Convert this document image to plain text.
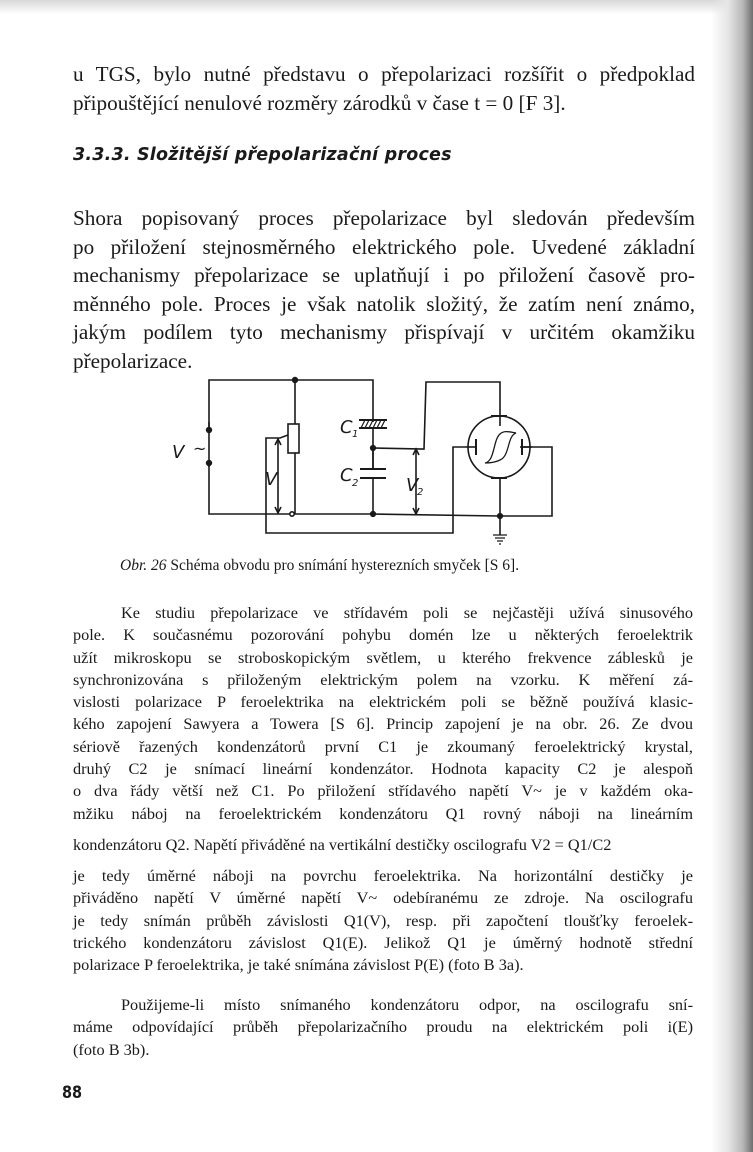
u TGS, bylo nutné představu o přepolarizaci rozšířit o předpoklad
připouštějící nenulové rozměry zárodků v čase t = 0 [F 3].
3.3.3. Složitější přepolarizační proces
Shora popisovaný proces přepolarizace byl sledován především
po přiložení stejnosměrného elektrického pole. Uvedené základní
mechanismy přepolarizace se uplatňují i po přiložení časově pro-
měnného pole. Proces je však natolik složitý, že zatím není známo,
jakým podílem tyto mechanismy přispívají v určitém okamžiku
přepolarizace.
V ~
V
C 1
C 2	V
2
Obr. 26 Schéma obvodu pro snímání hysterezních smyček [S 6].
Ke studiu přepolarizace ve střídavém poli se nejčastěji užívá sinusového
pole. K současnému pozorování pohybu domén lze u některých feroelektrik
užít mikroskopu se stroboskopickým světlem, u kterého frekvence záblesků je
synchronizována s přiloženým elektrickým polem na vzorku. K měření zá-
vislosti polarizace P feroelektrika na elektrickém poli se běžně používá klasic-
kého zapojení Sawyera a Towera [S 6]. Princip zapojení je na obr. 26. Ze dvou
sériově řazených kondenzátorů první C1 je zkoumaný feroelektrický krystal,
druhý C2 je snímací lineární kondenzátor. Hodnota kapacity C2 je alespoň
o dva řády větší než C1. Po přiložení střídavého napětí V~ je v každém oka-
mžiku náboj na feroelektrickém kondenzátoru Q1 rovný náboji na lineárním
kondenzátoru Q2. Napětí přiváděné na vertikální destičky oscilografu V2 = Q1/C2
je tedy úměrné náboji na povrchu feroelektrika. Na horizontální destičky je
přiváděno napětí V úměrné napětí V~ odebíranému ze zdroje. Na oscilografu
je tedy snímán průběh závislosti Q1(V), resp. při započtení tloušťky feroelek-
trického kondenzátoru závislost Q1(E). Jelikož Q1 je úměrný hodnotě střední
polarizace P feroelektrika, je také snímána závislost P(E) (foto B 3a).
Použijeme-li místo snímaného kondenzátoru odpor, na oscilografu sní-
máme odpovídající průběh přepolarizačního proudu na elektrickém poli i(E)
(foto B 3b).
88
